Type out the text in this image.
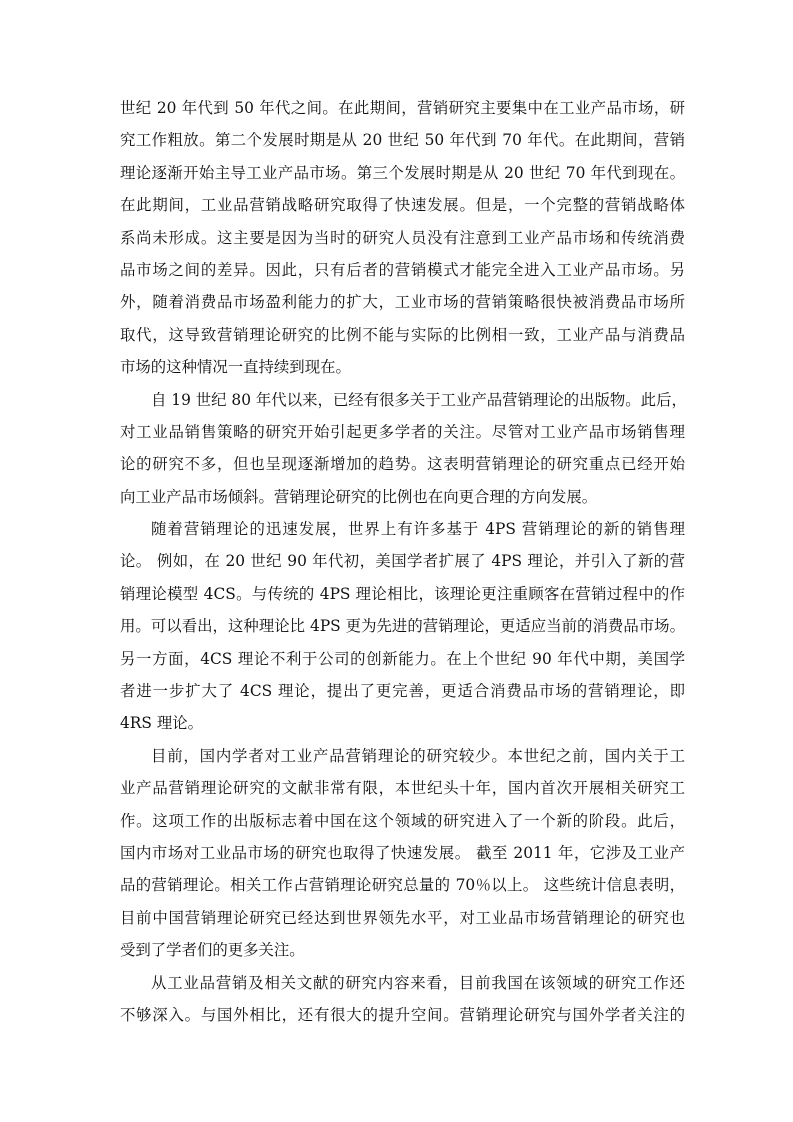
世纪 20 年代到 50 年代之间。在此期间，营销研究主要集中在工业产品市场，研
究工作粗放。第二个发展时期是从 20 世纪 50 年代到 70 年代。在此期间，营销
理论逐渐开始主导工业产品市场。第三个发展时期是从 20 世纪 70 年代到现在。
在此期间，工业品营销战略研究取得了快速发展。但是，一个完整的营销战略体
系尚未形成。这主要是因为当时的研究人员没有注意到工业产品市场和传统消费
品市场之间的差异。因此，只有后者的营销模式才能完全进入工业产品市场。另
外，随着消费品市场盈利能力的扩大，工业市场的营销策略很快被消费品市场所
取代，这导致营销理论研究的比例不能与实际的比例相一致，工业产品与消费品
市场的这种情况一直持续到现在。
自 19 世纪 80 年代以来，已经有很多关于工业产品营销理论的出版物。此后，
对工业品销售策略的研究开始引起更多学者的关注。尽管对工业产品市场销售理
论的研究不多，但也呈现逐渐增加的趋势。这表明营销理论的研究重点已经开始
向工业产品市场倾斜。营销理论研究的比例也在向更合理的方向发展。
随着营销理论的迅速发展，世界上有许多基于 4PS 营销理论的新的销售理
论。 例如，在 20 世纪 90 年代初，美国学者扩展了 4PS 理论，并引入了新的营
销理论模型 4CS。与传统的 4PS 理论相比，该理论更注重顾客在营销过程中的作
用。可以看出，这种理论比 4PS 更为先进的营销理论，更适应当前的消费品市场。
另一方面，4CS 理论不利于公司的创新能力。在上个世纪 90 年代中期，美国学
者进一步扩大了 4CS 理论，提出了更完善，更适合消费品市场的营销理论，即
4RS 理论。
目前，国内学者对工业产品营销理论的研究较少。本世纪之前，国内关于工
业产品营销理论研究的文献非常有限，本世纪头十年，国内首次开展相关研究工
作。这项工作的出版标志着中国在这个领域的研究进入了一个新的阶段。此后，
国内市场对工业品市场的研究也取得了快速发展。 截至 2011 年，它涉及工业产
品的营销理论。相关工作占营销理论研究总量的 70％以上。 这些统计信息表明，
目前中国营销理论研究已经达到世界领先水平，对工业品市场营销理论的研究也
受到了学者们的更多关注。
从工业品营销及相关文献的研究内容来看，目前我国在该领域的研究工作还
不够深入。与国外相比，还有很大的提升空间。营销理论研究与国外学者关注的
